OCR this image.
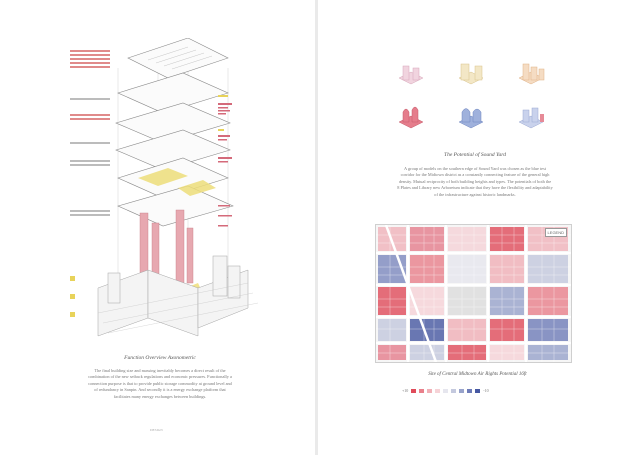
Function Overview Axonometric
The final building size and massing inevitably becomes a direct result of the
combination of the new setback regulations and economic pressures. Functionally a
connection purpose is that to provide public storage commodity at ground level and
of redundancy in Sanpin. And secondly it is a energy exchange platform that
facilitates many energy exchanges between buildings.
DESIGN
The Potential of Sound Yard
A group of models on the southern edge of Sound Yard was chosen as the blue test
corridor for the Midtown district as a constantly connecting feature of the general high
density. Mutual reciprocity of both building heights and types. The potentials of both the
8 Plates and Library new Arboretum indicate that they have the flexibility and adaptability
of the infrastructure against historic landmarks.
LEGEND
Site of Central Midtown Air Rights Potential 16ft
+10	-10
